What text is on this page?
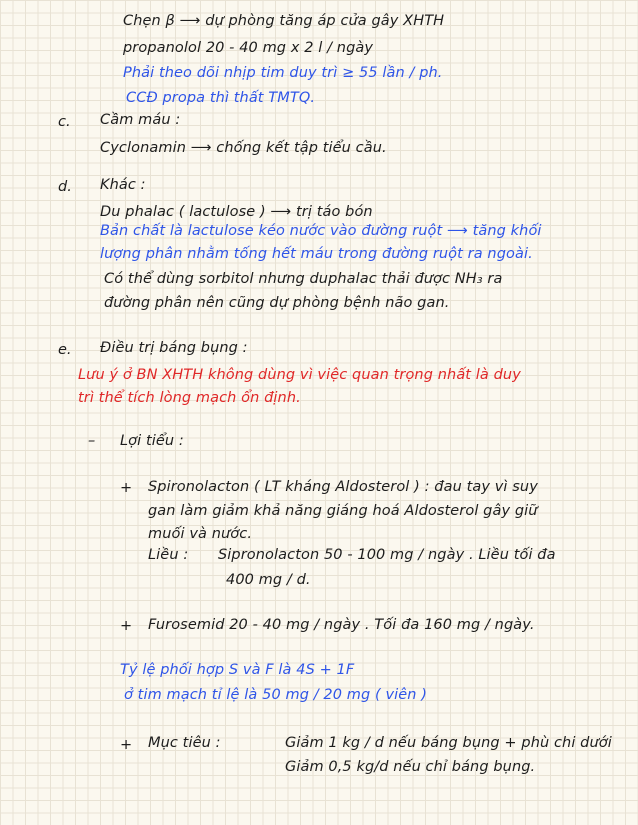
Chẹn β ⟶ dự phòng tăng áp cửa gây XHTH
propanolol 20 - 40 mg x 2 l / ngày
Phải theo dõi nhịp tim duy trì ≥ 55 lần / ph.
CCĐ propa thì thất TMTQ.
c. Cầm máu :
Cyclonamin ⟶ chống kết tập tiểu cầu.
d. Khác :
Du phalac ( lactulose ) ⟶ trị táo bón
Bản chất là lactulose kéo nước vào đường ruột ⟶ tăng khối
lượng phân nhằm tống hết máu trong đường ruột ra ngoài.
Có thể dùng sorbitol nhưng duphalac thải được NH₃ ra
đường phân nên cũng dự phòng bệnh não gan.
e. Điều trị báng bụng :
Lưu ý ở BN XHTH không dùng vì việc quan trọng nhất là duy
trì thể tích lòng mạch ổn định.
– Lợi tiểu :
+ Spironolacton ( LT kháng Aldosterol ) : đau tay vì suy
gan làm giảm khả năng giáng hoá Aldosterol gây giữ
muối và nước.
Liều : Sipronolacton 50 - 100 mg / ngày . Liều tối đa
400 mg / d.
+ Furosemid 20 - 40 mg / ngày . Tối đa 160 mg / ngày.
Tỷ lệ phối hợp S và F là 4S + 1F
ở tim mạch tỉ lệ là 50 mg / 20 mg ( viên )
+ Mục tiêu :	Giảm 1 kg / d nếu báng bụng + phù chi dưới
Giảm 0,5 kg/d nếu chỉ báng bụng.
